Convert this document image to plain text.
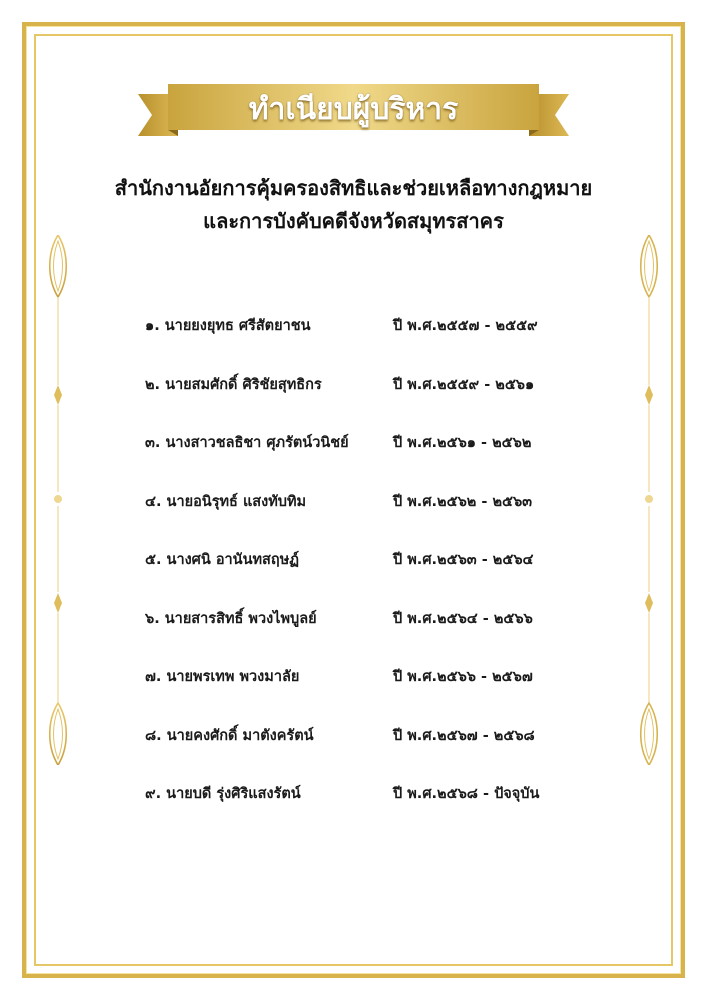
ทำเนียบผู้บริหาร
สำนักงานอัยการคุ้มครองสิทธิและช่วยเหลือทางกฎหมาย
และการบังคับคดีจังหวัดสมุทรสาคร
๑. นายยงยุทธ ศรีสัตยาชน	ปี พ.ศ.๒๕๕๗ - ๒๕๕๙
๒. นายสมศักดิ์ ศิริชัยสุทธิกร	ปี พ.ศ.๒๕๕๙ - ๒๕๖๑
๓. นางสาวชลธิชา ศุภรัตน์วนิชย์	ปี พ.ศ.๒๕๖๑ - ๒๕๖๒
๔. นายอนิรุทธ์ แสงทับทิม	ปี พ.ศ.๒๕๖๒ - ๒๕๖๓
๕. นางศนิ อานันทสฤษฏ์	ปี พ.ศ.๒๕๖๓ - ๒๕๖๔
๖. นายสารสิทธิ์ พวงไพบูลย์	ปี พ.ศ.๒๕๖๔ - ๒๕๖๖
๗. นายพรเทพ พวงมาลัย	ปี พ.ศ.๒๕๖๖ - ๒๕๖๗
๘. นายคงศักดิ์ มาตังครัตน์	ปี พ.ศ.๒๕๖๗ - ๒๕๖๘
๙. นายบดี รุ่งศิริแสงรัตน์	ปี พ.ศ.๒๕๖๘ - ปัจจุบัน
